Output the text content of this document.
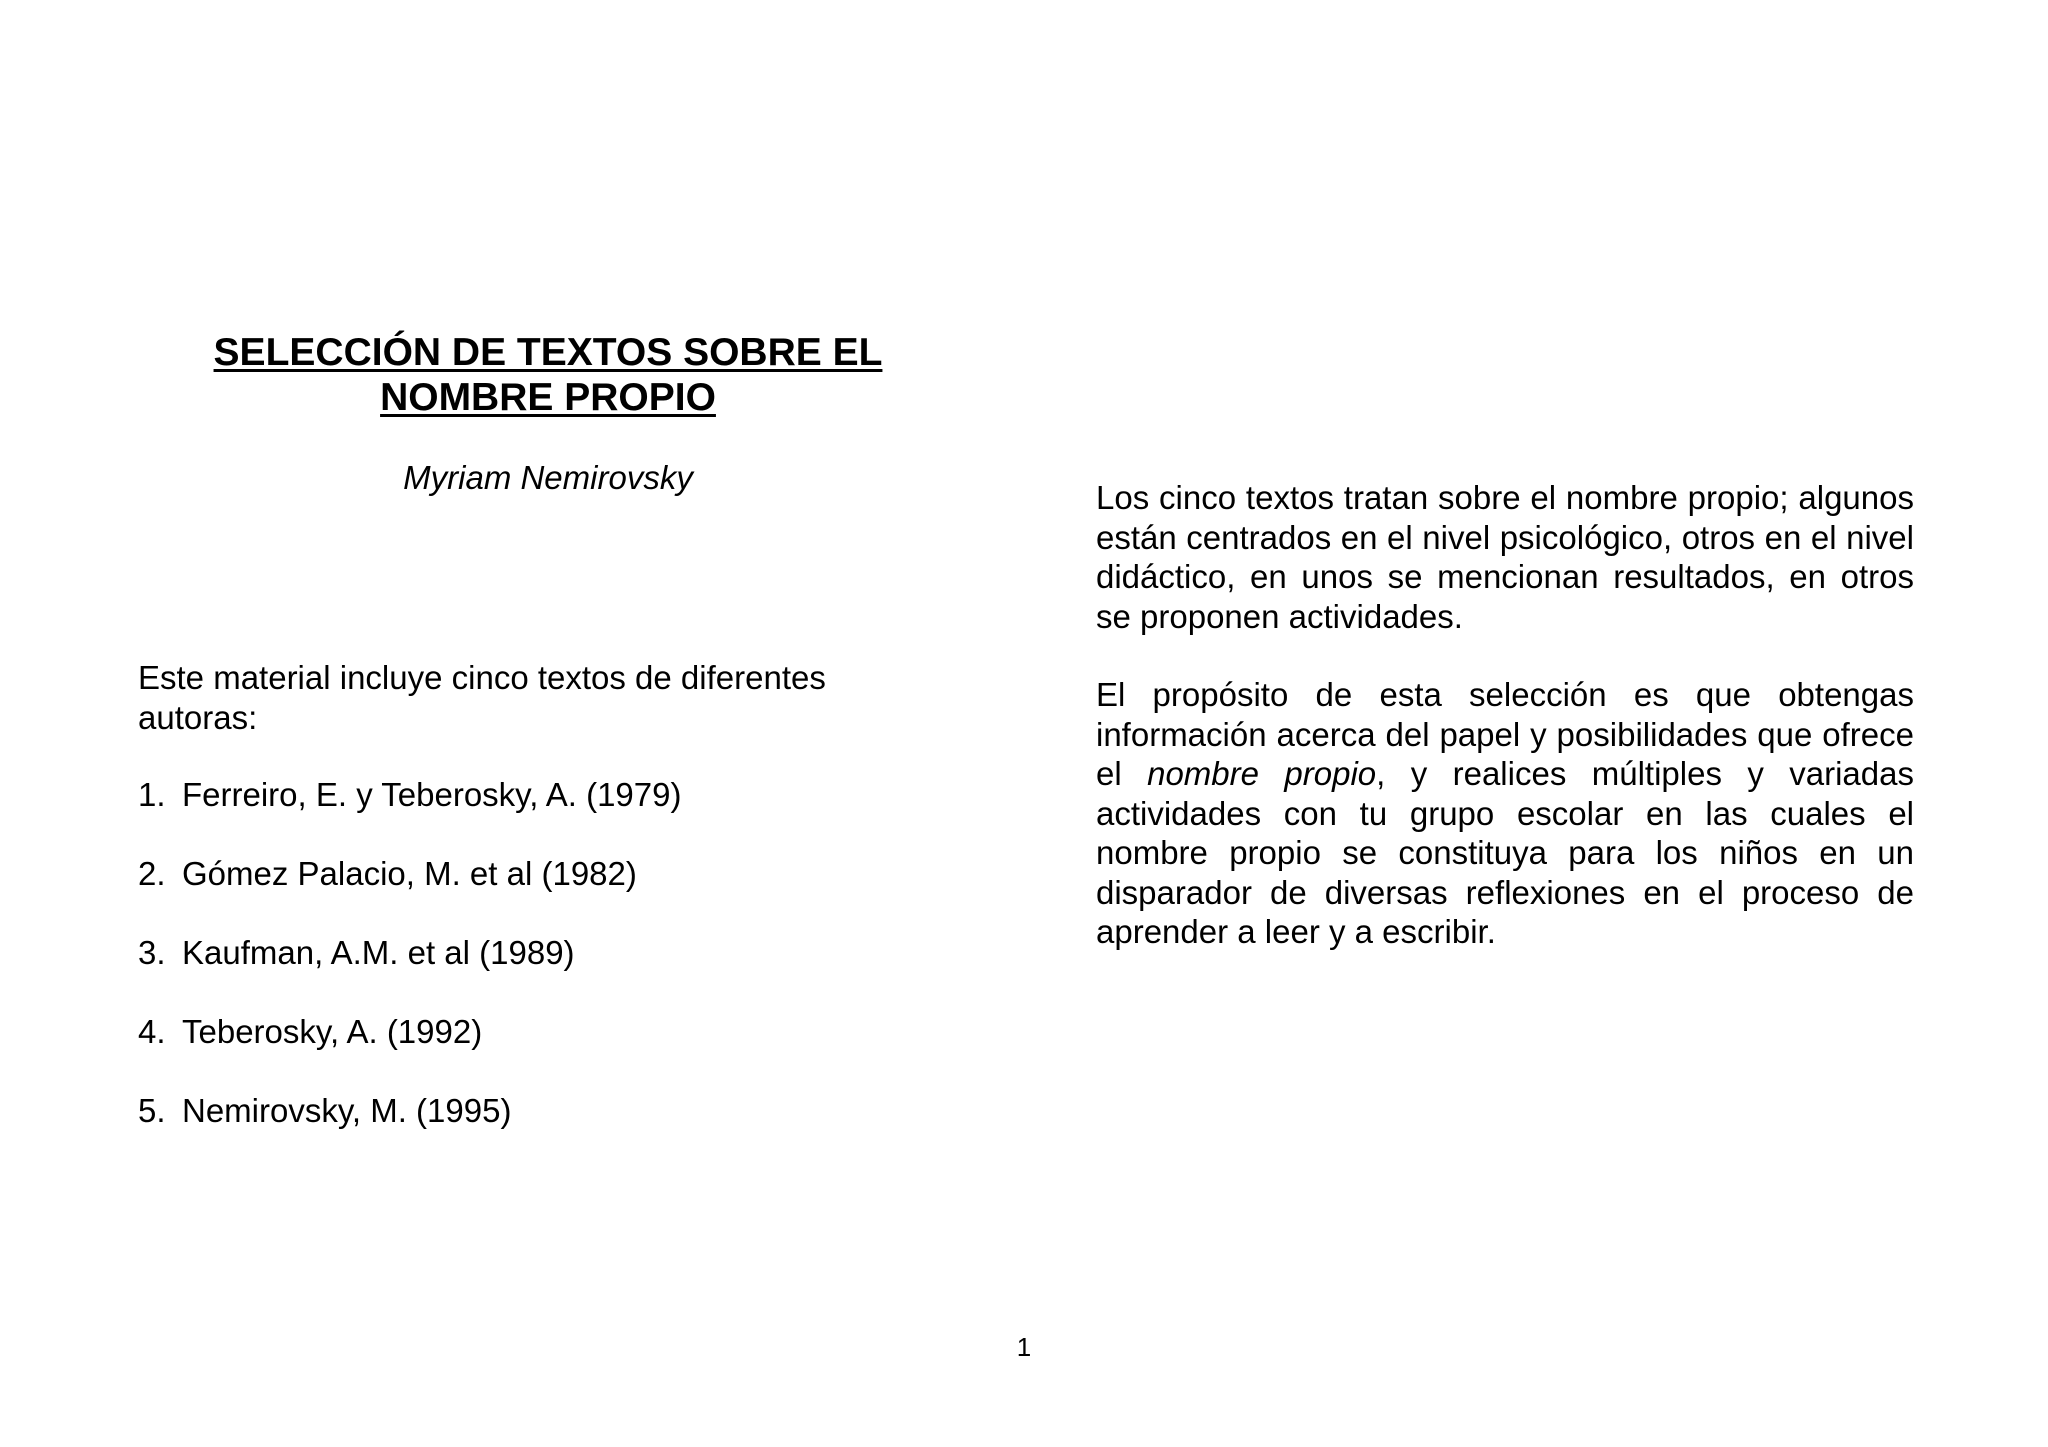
SELECCIÓN DE TEXTOS SOBRE EL
NOMBRE PROPIO

Myriam Nemirovsky

Este material incluye cinco textos de diferentes autoras:

1. Ferreiro, E. y Teberosky, A. (1979)
2. Gómez Palacio, M. et al (1982)
3. Kaufman, A.M. et al (1989)
4. Teberosky, A. (1992)
5. Nemirovsky, M. (1995)

Los cinco textos tratan sobre el nombre propio; algunos están centrados en el nivel psicológico, otros en el nivel didáctico, en unos se mencionan resultados, en otros se proponen actividades.

El propósito de esta selección es que obtengas información acerca del papel y posibilidades que ofrece el nombre propio, y realices múltiples y variadas actividades con tu grupo escolar en las cuales el nombre propio se constituya para los niños en un disparador de diversas reflexiones en el proceso de aprender a leer y a escribir.

1
